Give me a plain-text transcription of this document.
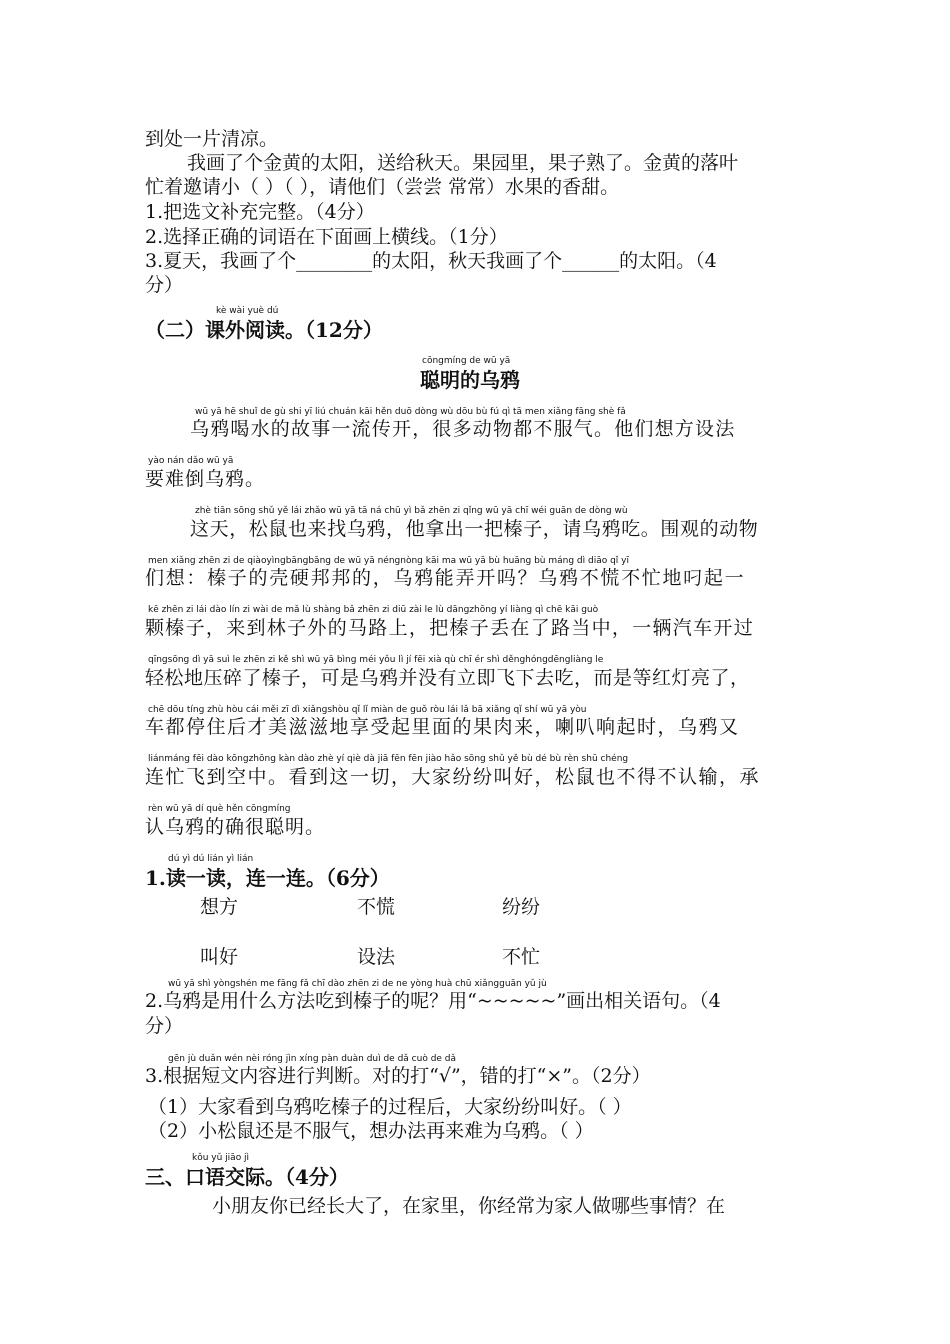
到处一片清凉。
我画了个金黄的太阳，送给秋天。果园里，果子熟了。金黄的落叶
忙着邀请小（ ）（ ），请他们（尝尝 常常）水果的香甜。
1.把选文补充完整。（4分）
2.选择正确的词语在下面画上横线。（1分）
3.夏天，我画了个________的太阳，秋天我画了个______的太阳。（4
分）
kè wài yuè dú
（二）课外阅读。（12分）
cōngmíng de wū yā
聪明的乌鸦
wū yā hē shuǐ de gù shi yī liú chuán kāi hěn duō dòng wù dōu bù fú qì tā men xiǎng fāng shè fǎ
乌鸦喝水的故事一流传开，很多动物都不服气。他们想方设法
yào nán dǎo wū yā
要难倒乌鸦。
zhè tiān sōng shǔ yě lái zhǎo wū yā tā ná chū yì bǎ zhēn zi qǐng wū yā chī wéi guān de dòng wù
这天，松鼠也来找乌鸦，他拿出一把榛子，请乌鸦吃。围观的动物
men xiǎng zhēn zi de qiàoyìngbāngbāng de wū yā néngnòng kāi ma wū yā bù huāng bù máng dì diāo qǐ yī
们想：榛子的壳硬邦邦的，乌鸦能弄开吗？乌鸦不慌不忙地叼起一
kē zhēn zi lái dào lín zi wài de mǎ lù shàng bǎ zhēn zi diū zài le lù dāngzhōng yí liàng qì chē kāi guò
颗榛子，来到林子外的马路上，把榛子丢在了路当中，一辆汽车开过
qīngsōng dì yā suì le zhēn zi kě shì wū yā bìng méi yǒu lì jí fēi xià qù chī ér shì děnghóngdēngliàng le
轻松地压碎了榛子，可是乌鸦并没有立即飞下去吃，而是等红灯亮了，
chē dōu tíng zhù hòu cái měi zī dì xiǎngshòu qǐ lǐ miàn de guǒ ròu lái lǎ bā xiǎng qǐ shí wū yā yòu
车都停住后才美滋滋地享受起里面的果肉来，喇叭响起时，乌鸦又
liánmáng fēi dào kōngzhōng kàn dào zhè yí qiè dà jiā fēn fēn jiào hǎo sōng shǔ yě bù dé bù rèn shū chéng
连忙飞到空中。看到这一切，大家纷纷叫好，松鼠也不得不认输，承
rèn wū yā dí què hěn cōngmíng
认乌鸦的确很聪明。
dú yì dú lián yì lián
1.读一读，连一连。（6分）
想方	不慌	纷纷
叫好	设法	不忙
wū yā shì yòngshén me fāng fǎ chī dào zhēn zi de ne yòng huà chū xiǎngguān yǔ jù
2.乌鸦是用什么方法吃到榛子的呢？用“~~~~~”画出相关语句。（4
分）
gēn jù duǎn wén nèi róng jìn xíng pàn duàn duì de dǎ cuò de dǎ
3.根据短文内容进行判断。对的打“√”，错的打“×”。（2分）
（1）大家看到乌鸦吃榛子的过程后，大家纷纷叫好。（ ）
（2）小松鼠还是不服气，想办法再来难为乌鸦。（ ）
kǒu yǔ jiāo jì
三、口语交际。（4分）
小朋友你已经长大了，在家里，你经常为家人做哪些事情？在
